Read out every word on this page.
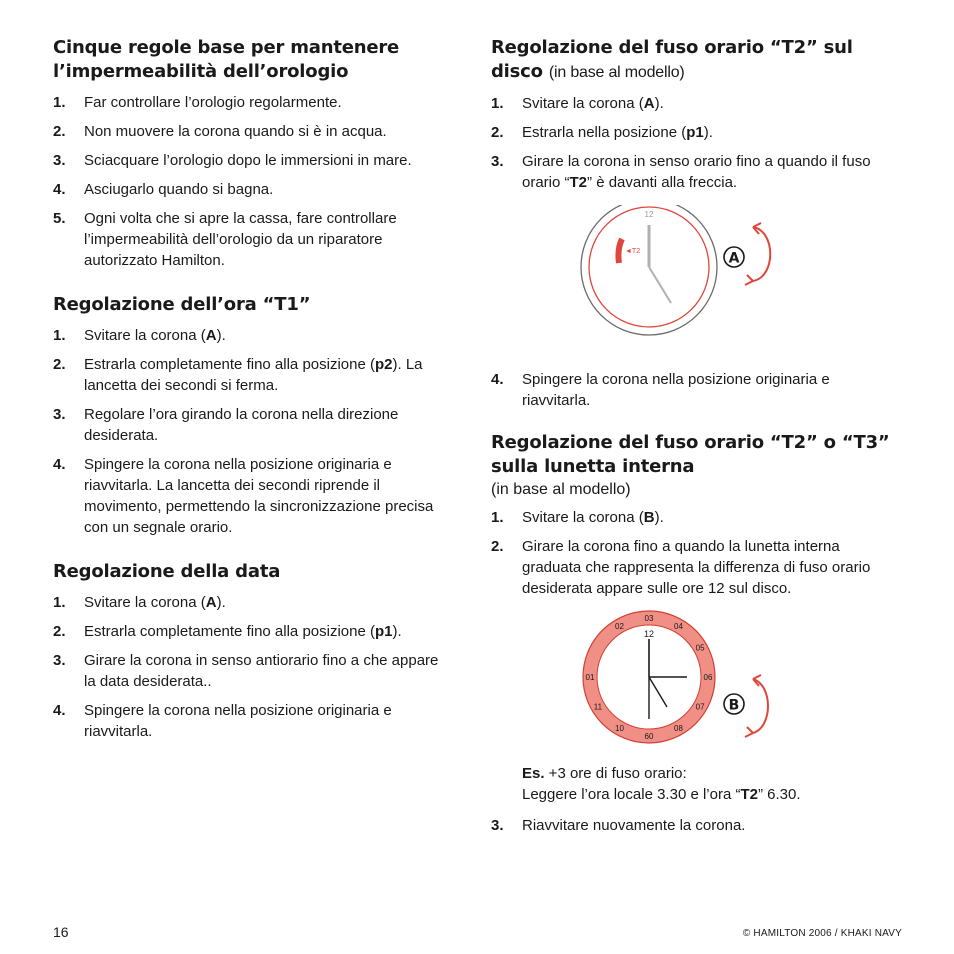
Cinque regole base per mantenere l’impermeabilità dell’orologio
1.	Far controllare l’orologio regolarmente.
2.	Non muovere la corona quando si è in acqua.
3.	Sciacquare l’orologio dopo le immersioni in mare.
4.	Asciugarlo quando si bagna.
5.	Ogni volta che si apre la cassa, fare controllare l’impermeabilità dell’orologio da un riparatore autorizzato Hamilton.
Regolazione dell’ora “T1”
1.	Svitare la corona (A).
2.	Estrarla completamente fino alla posizione (p2). La lancetta dei secondi si ferma.
3.	Regolare l’ora girando la corona nella direzione desiderata.
4.	Spingere la corona nella posizione originaria e riavvitarla. La lancetta dei secondi riprende il movimento, permettendo la sincronizzazione precisa con un segnale orario.
Regolazione della data
1.	Svitare la corona (A).
2.	Estrarla completamente fino alla posizione (p1).
3.	Girare la corona in senso antiorario fino a che appare la data desiderata..
4.	Spingere la corona nella posizione originaria e riavvitarla.
Regolazione del fuso orario “T2” sul disco (in base al modello)
1.	Svitare la corona (A).
2.	Estrarla nella posizione (p1).
3.	Girare la corona in senso orario fino a quando il fuso orario “T2” è davanti alla freccia.
12
◄T2	A
4.	Spingere la corona nella posizione originaria e riavvitarla.
Regolazione del fuso orario “T2” o “T3” sulla lunetta interna
(in base al modello)
1.	Svitare la corona (B).
2.	Girare la corona fino a quando la lunetta interna graduata che rappresenta la differenza di fuso orario desiderata appare sulle ore 12 sul disco.
02
03
04
05
06
07
08
60
10
11
01
12
B
Es. +3 ore di fuso orario:
Leggere l’ora locale 3.30 e l’ora “T2” 6.30.
3.	Riavvitare nuovamente la corona.
16	© HAMILTON 2006 / KHAKI NAVY
